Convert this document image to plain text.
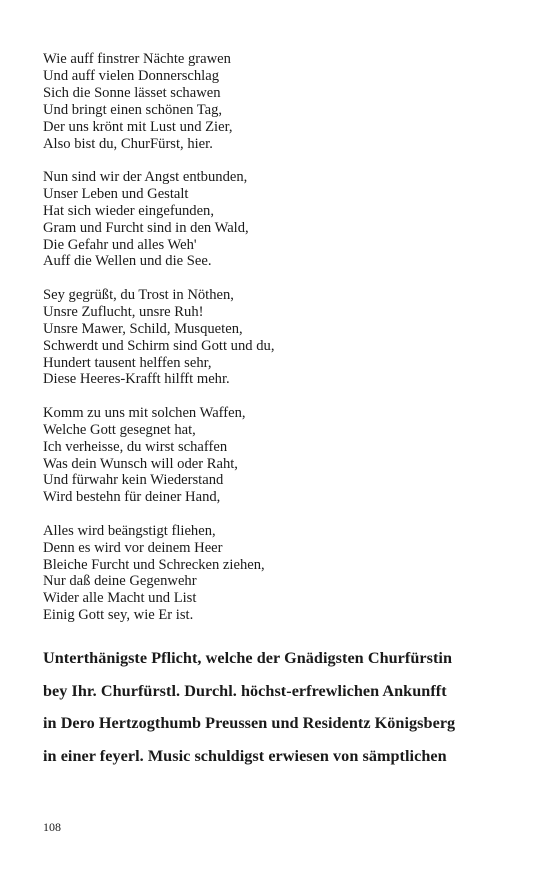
Wie auff finstrer Nächte grawen
Und auff vielen Donnerschlag
Sich die Sonne lässet schawen
Und bringt einen schönen Tag,
Der uns krönt mit Lust und Zier,
Also bist du, ChurFürst, hier.
Nun sind wir der Angst entbunden,
Unser Leben und Gestalt
Hat sich wieder eingefunden,
Gram und Furcht sind in den Wald,
Die Gefahr und alles Weh'
Auff die Wellen und die See.
Sey gegrüßt, du Trost in Nöthen,
Unsre Zuflucht, unsre Ruh!
Unsre Mawer, Schild, Musqueten,
Schwerdt und Schirm sind Gott und du,
Hundert tausent helffen sehr,
Diese Heeres-Krafft hilfft mehr.
Komm zu uns mit solchen Waffen,
Welche Gott gesegnet hat,
Ich verheisse, du wirst schaffen
Was dein Wunsch will oder Raht,
Und fürwahr kein Wiederstand
Wird bestehn für deiner Hand,
Alles wird beängstigt fliehen,
Denn es wird vor deinem Heer
Bleiche Furcht und Schrecken ziehen,
Nur daß deine Gegenwehr
Wider alle Macht und List
Einig Gott sey, wie Er ist.
Unterthänigste Pflicht, welche der Gnädigsten Churfürstin
bey Ihr. Churfürstl. Durchl. höchst-erfrewlichen Ankunfft
in Dero Hertzogthumb Preussen und Residentz Königsberg
in einer feyerl. Music schuldigst erwiesen von sämptlichen
108
